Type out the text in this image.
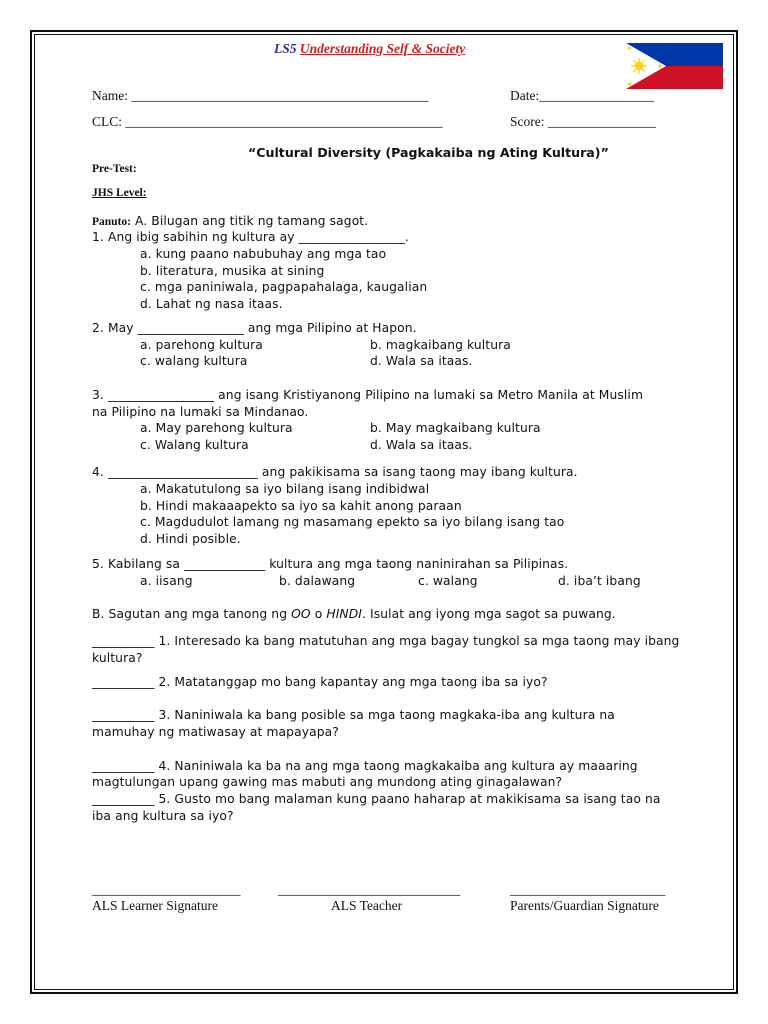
LS5 Understanding Self & Society
Name: ____________________________________________	Date:_________________
CLC: _______________________________________________	Score: ________________
“Cultural Diversity (Pagkakaiba ng Ating Kultura)”
Pre-Test:
JHS Level:
Panuto: A. Bilugan ang titik ng tamang sagot.
1. Ang ibig sabihin ng kultura ay _________________.
a. kung paano nabubuhay ang mga tao
b. literatura, musika at sining
c. mga paniniwala, pagpapahalaga, kaugalian
d. Lahat ng nasa itaas.
2. May _________________ ang mga Pilipino at Hapon.
a. parehong kultura	b. magkaibang kultura
c. walang kultura	d. Wala sa itaas.
3. _________________ ang isang Kristiyanong Pilipino na lumaki sa Metro Manila at Muslim
na Pilipino na lumaki sa Mindanao.
a. May parehong kultura	b. May magkaibang kultura
c. Walang kultura	d. Wala sa itaas.
4. ________________________ ang pakikisama sa isang taong may ibang kultura.
a. Makatutulong sa iyo bilang isang indibidwal
b. Hindi makaaapekto sa iyo sa kahit anong paraan
c. Magdudulot lamang ng masamang epekto sa iyo bilang isang tao
d. Hindi posible.
5. Kabilang sa _____________ kultura ang mga taong naninirahan sa Pilipinas.
a. iisang	b. dalawang	c. walang	d. iba’t ibang
B. Sagutan ang mga tanong ng OO o HINDI. Isulat ang iyong mga sagot sa puwang.
__________ 1. Interesado ka bang matutuhan ang mga bagay tungkol sa mga taong may ibang
kultura?
__________ 2. Matatanggap mo bang kapantay ang mga taong iba sa iyo?
__________ 3. Naniniwala ka bang posible sa mga taong magkaka-iba ang kultura na
mamuhay ng matiwasay at mapayapa?
__________ 4. Naniniwala ka ba na ang mga taong magkakaiba ang kultura ay maaaring
magtulungan upang gawing mas mabuti ang mundong ating ginagalawan?
__________ 5. Gusto mo bang malaman kung paano haharap at makikisama sa isang tao na
iba ang kultura sa iyo?
______________________
ALS Learner Signature
___________________________
ALS Teacher
_______________________
Parents/Guardian Signature
